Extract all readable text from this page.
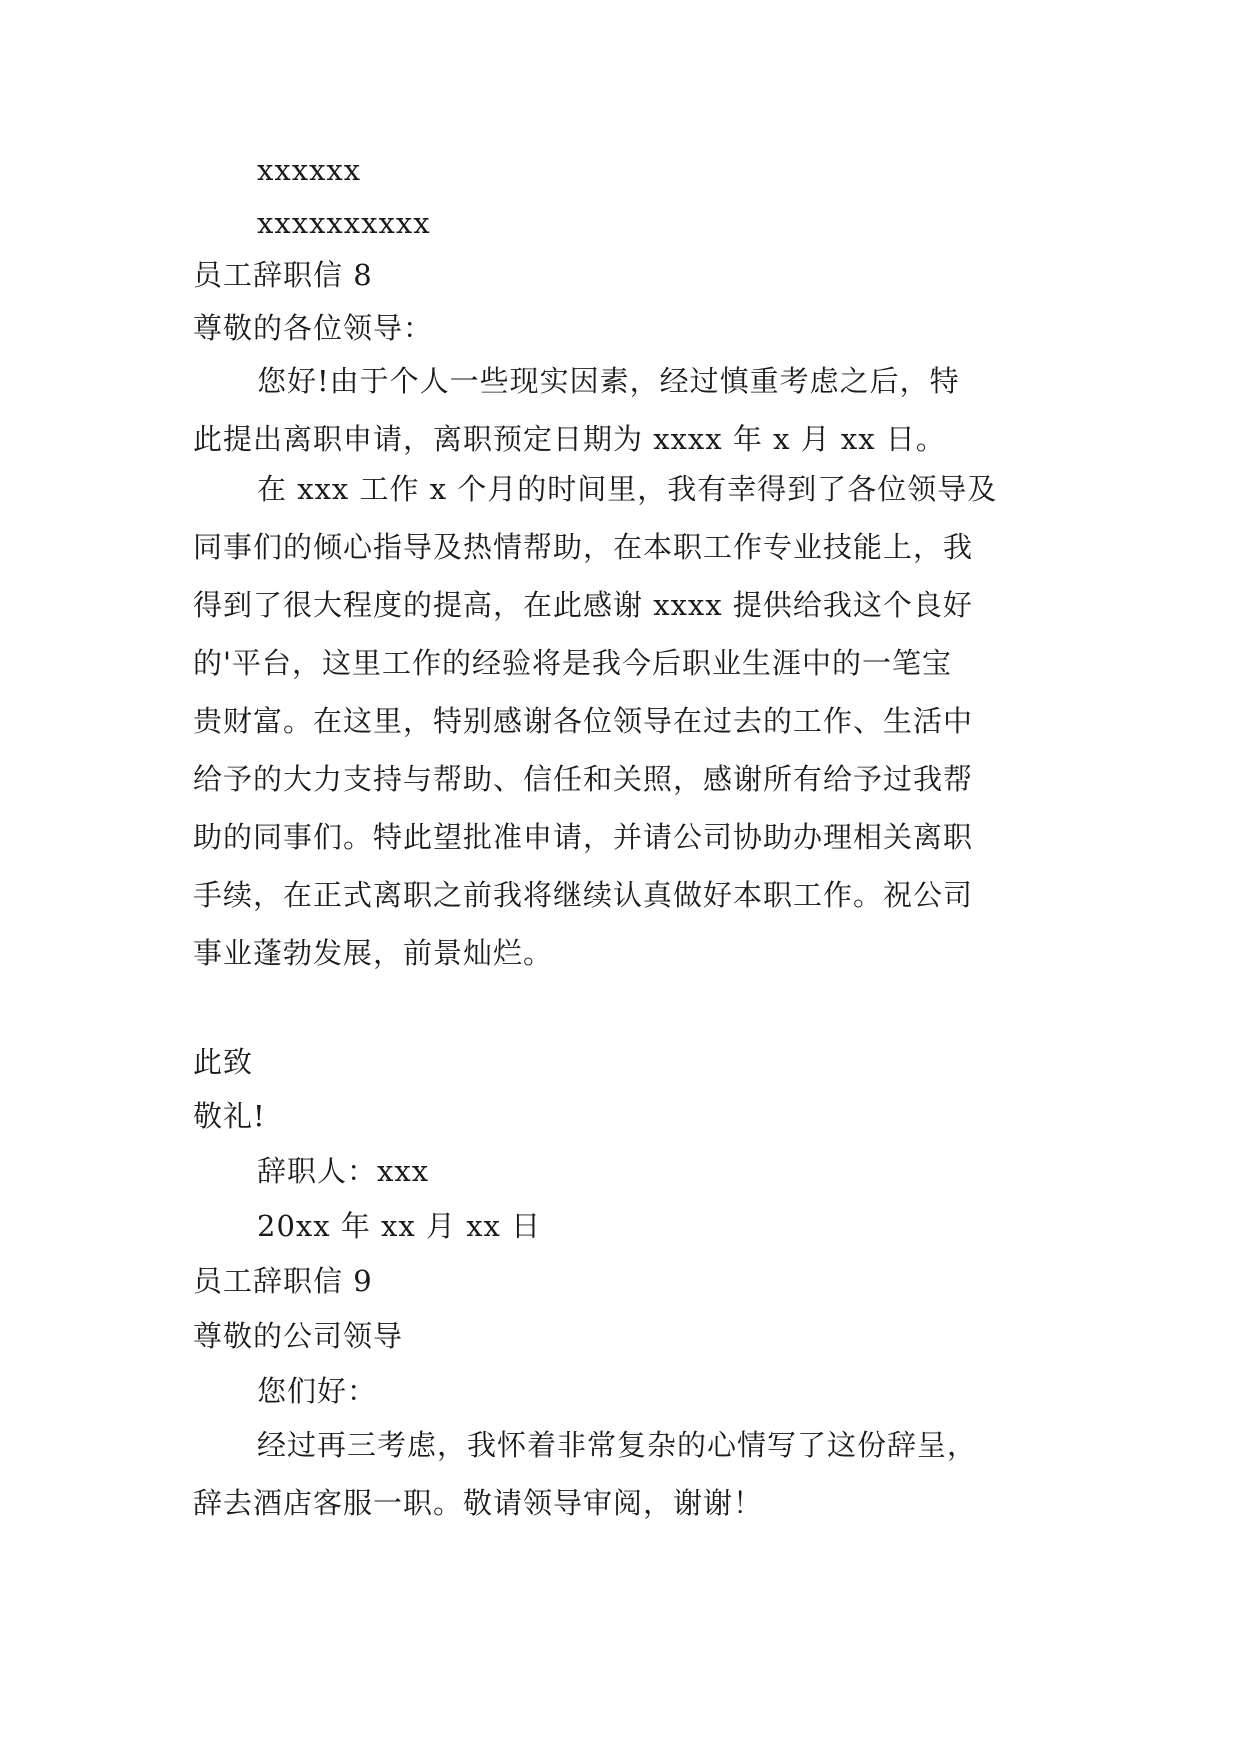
xxxxxx
xxxxxxxxxx
员工辞职信 8
尊敬的各位领导：
您好!由于个人一些现实因素，经过慎重考虑之后，特
此提出离职申请，离职预定日期为 xxxx 年 x 月 xx 日。
在 xxx 工作 x 个月的时间里，我有幸得到了各位领导及
同事们的倾心指导及热情帮助，在本职工作专业技能上，我
得到了很大程度的提高，在此感谢 xxxx 提供给我这个良好
的'平台，这里工作的经验将是我今后职业生涯中的一笔宝
贵财富。在这里，特别感谢各位领导在过去的工作、生活中
给予的大力支持与帮助、信任和关照，感谢所有给予过我帮
助的同事们。特此望批准申请，并请公司协助办理相关离职
手续，在正式离职之前我将继续认真做好本职工作。祝公司
事业蓬勃发展，前景灿烂。
此致
敬礼!
辞职人：xxx
20xx 年 xx 月 xx 日
员工辞职信 9
尊敬的公司领导
您们好：
经过再三考虑，我怀着非常复杂的心情写了这份辞呈，
辞去酒店客服一职。敬请领导审阅，谢谢！
